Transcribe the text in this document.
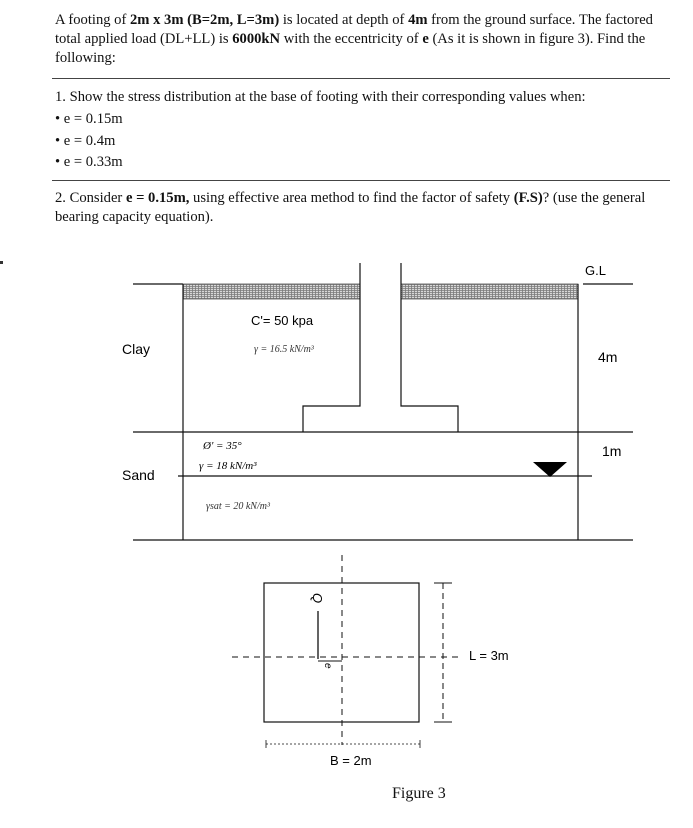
A footing of 2m x 3m (B=2m, L=3m) is located at depth of 4m from the ground surface. The factored total applied load (DL+LL) is 6000kN with the eccentricity of e (As it is shown in figure 3). Find the following:

1. Show the stress distribution at the base of footing with their corresponding values when:

• e = 0.15m
• e = 0.4m
• e = 0.33m

2. Consider e = 0.15m, using effective area method to find the factor of safety (F.S)? (use the general bearing capacity equation).

G.L
Clay
Sand
C'= 50 kpa
γ = 16.5 kN/m³	4m
1m
Ø' = 35°
γ = 18 kN/m³
γsat = 20 kN/m³
Q
e
L = 3m
B = 2m
Figure 3
